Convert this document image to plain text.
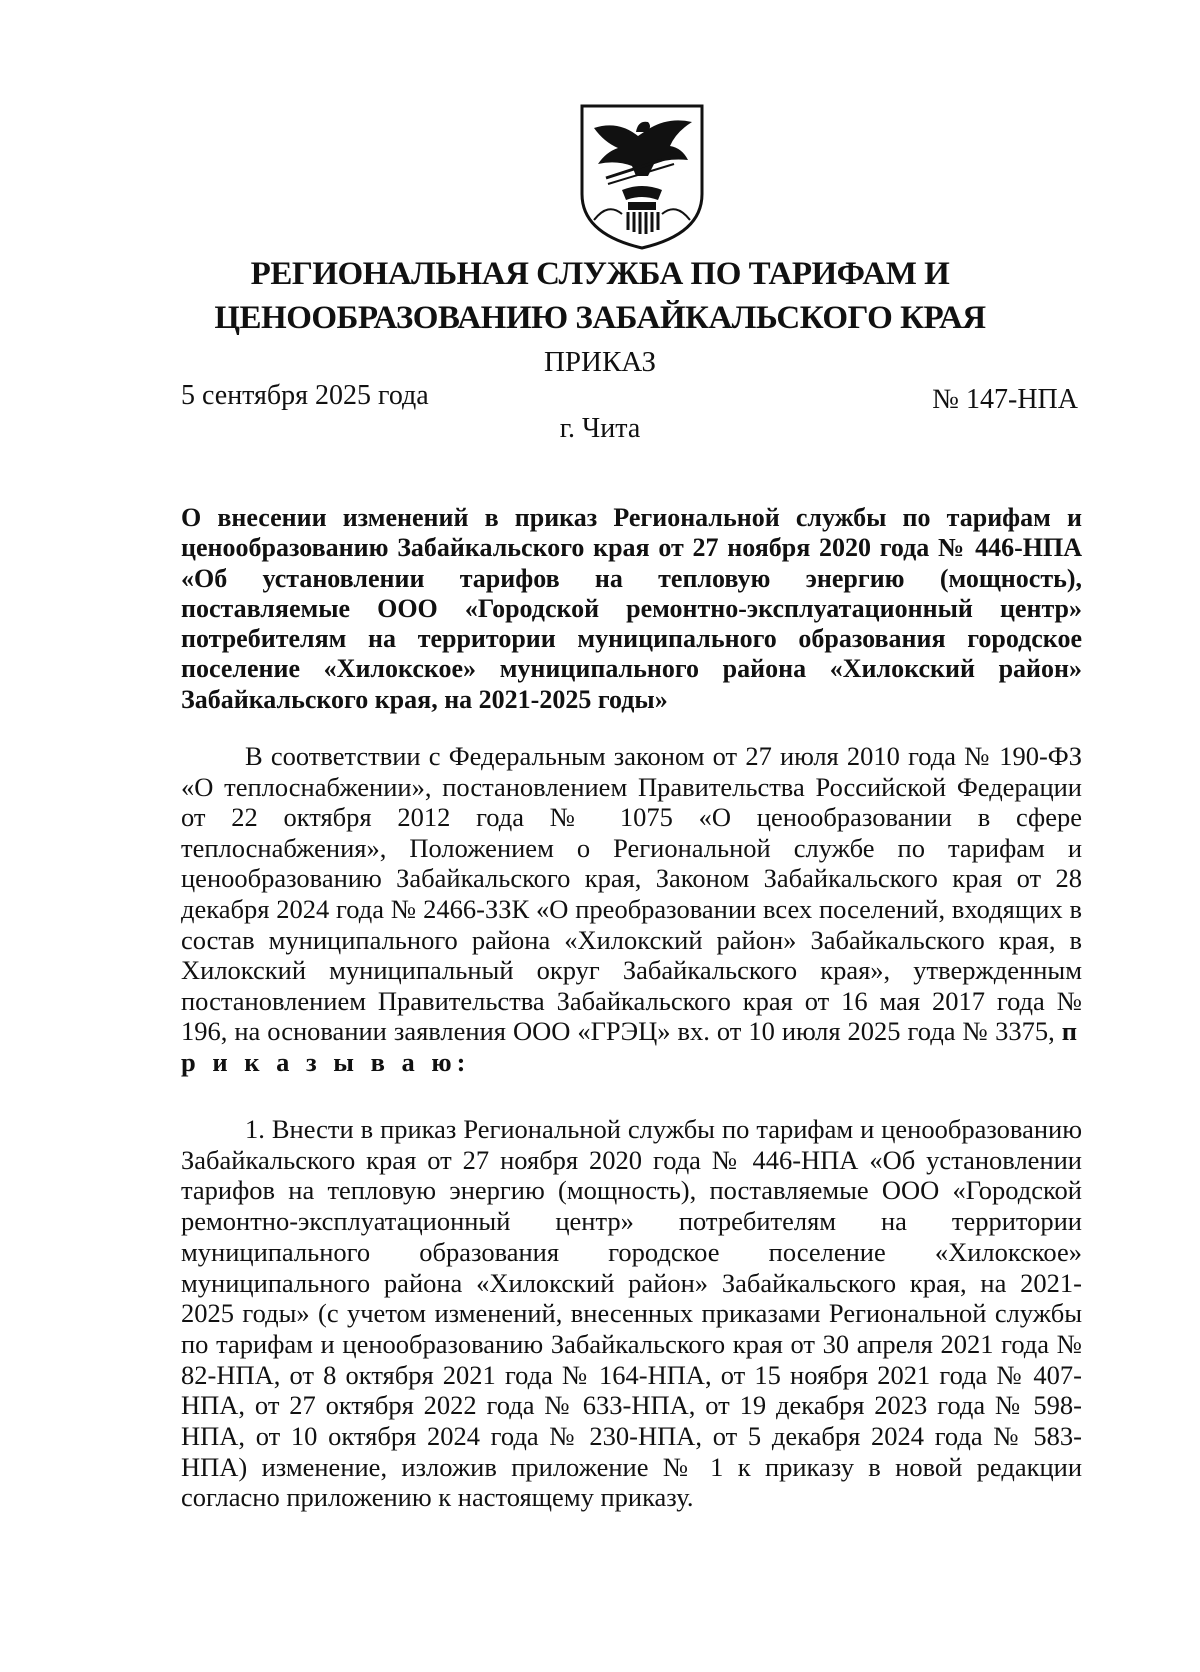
РЕГИОНАЛЬНАЯ СЛУЖБА ПО ТАРИФАМ И
ЦЕНООБРАЗОВАНИЮ ЗАБАЙКАЛЬСКОГО КРАЯ
ПРИКАЗ
5 сентября 2025 года	№ 147-НПА
г. Чита
О внесении изменений в приказ Региональной службы по тарифам и ценообразованию Забайкальского края от 27 ноября 2020 года № 446-НПА «Об установлении тарифов на тепловую энергию (мощность), поставляемые ООО «Городской ремонтно-эксплуатационный центр» потребителям на территории муниципального образования городское поселение «Хилокское» муниципального района «Хилокский район» Забайкальского края, на 2021-2025 годы»

В соответствии с Федеральным законом от 27 июля 2010 года № 190-ФЗ «О теплоснабжении», постановлением Правительства Российской Федерации от 22 октября 2012 года № 1075 «О ценообразовании в сфере теплоснабжения», Положением о Региональной службе по тарифам и ценообразованию Забайкальского края, Законом Забайкальского края от 28 декабря 2024 года № 2466-ЗЗК «О преобразовании всех поселений, входящих в состав муниципального района «Хилокский район» Забайкальского края, в Хилокский муниципальный округ Забайкальского края», утвержденным постановлением Правительства Забайкальского края от 16 мая 2017 года № 196, на основании заявления ООО «ГРЭЦ» вх. от 10 июля 2025 года № 3375, п р и к а з ы в а ю:

1. Внести в приказ Региональной службы по тарифам и ценообразованию Забайкальского края от 27 ноября 2020 года № 446-НПА «Об установлении тарифов на тепловую энергию (мощность), поставляемые ООО «Городской ремонтно-эксплуатационный центр» потребителям на территории муниципального образования городское поселение «Хилокское» муниципального района «Хилокский район» Забайкальского края, на 2021-2025 годы» (с учетом изменений, внесенных приказами Региональной службы по тарифам и ценообразованию Забайкальского края от 30 апреля 2021 года № 82-НПА, от 8 октября 2021 года № 164-НПА, от 15 ноября 2021 года № 407-НПА, от 27 октября 2022 года № 633-НПА, от 19 декабря 2023 года № 598-НПА, от 10 октября 2024 года № 230-НПА, от 5 декабря 2024 года № 583-НПА) изменение, изложив приложение № 1 к приказу в новой редакции согласно приложению к настоящему приказу.
